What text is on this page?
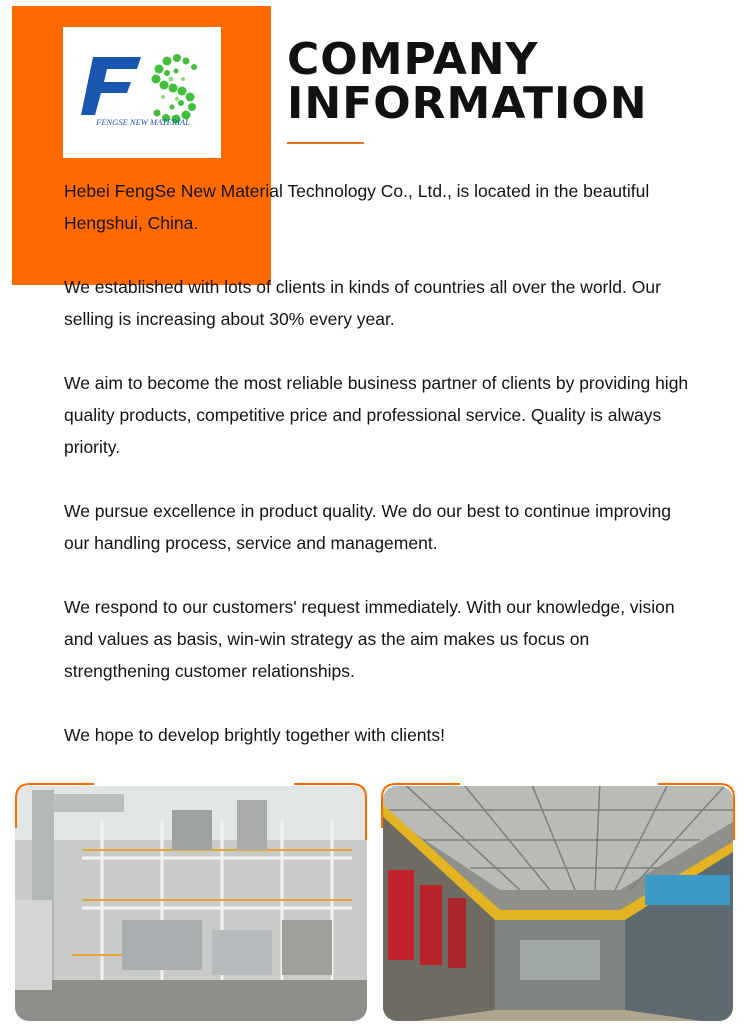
FENGSE NEW MATERIAL
COMPANY
INFORMATION

Hebei FengSe New Material Technology Co., Ltd., is located in the beautiful Hengshui, China.

We established with lots of clients in kinds of countries all over the world. Our selling is increasing about 30% every year.

We aim to become the most reliable business partner of clients by providing high quality products, competitive price and professional service. Quality is always priority.

We pursue excellence in product quality. We do our best to continue improving our handling process, service and management.

We respond to our customers' request immediately. With our knowledge, vision and values as basis, win-win strategy as the aim makes us focus on strengthening customer relationships.

We hope to develop brightly together with clients!
